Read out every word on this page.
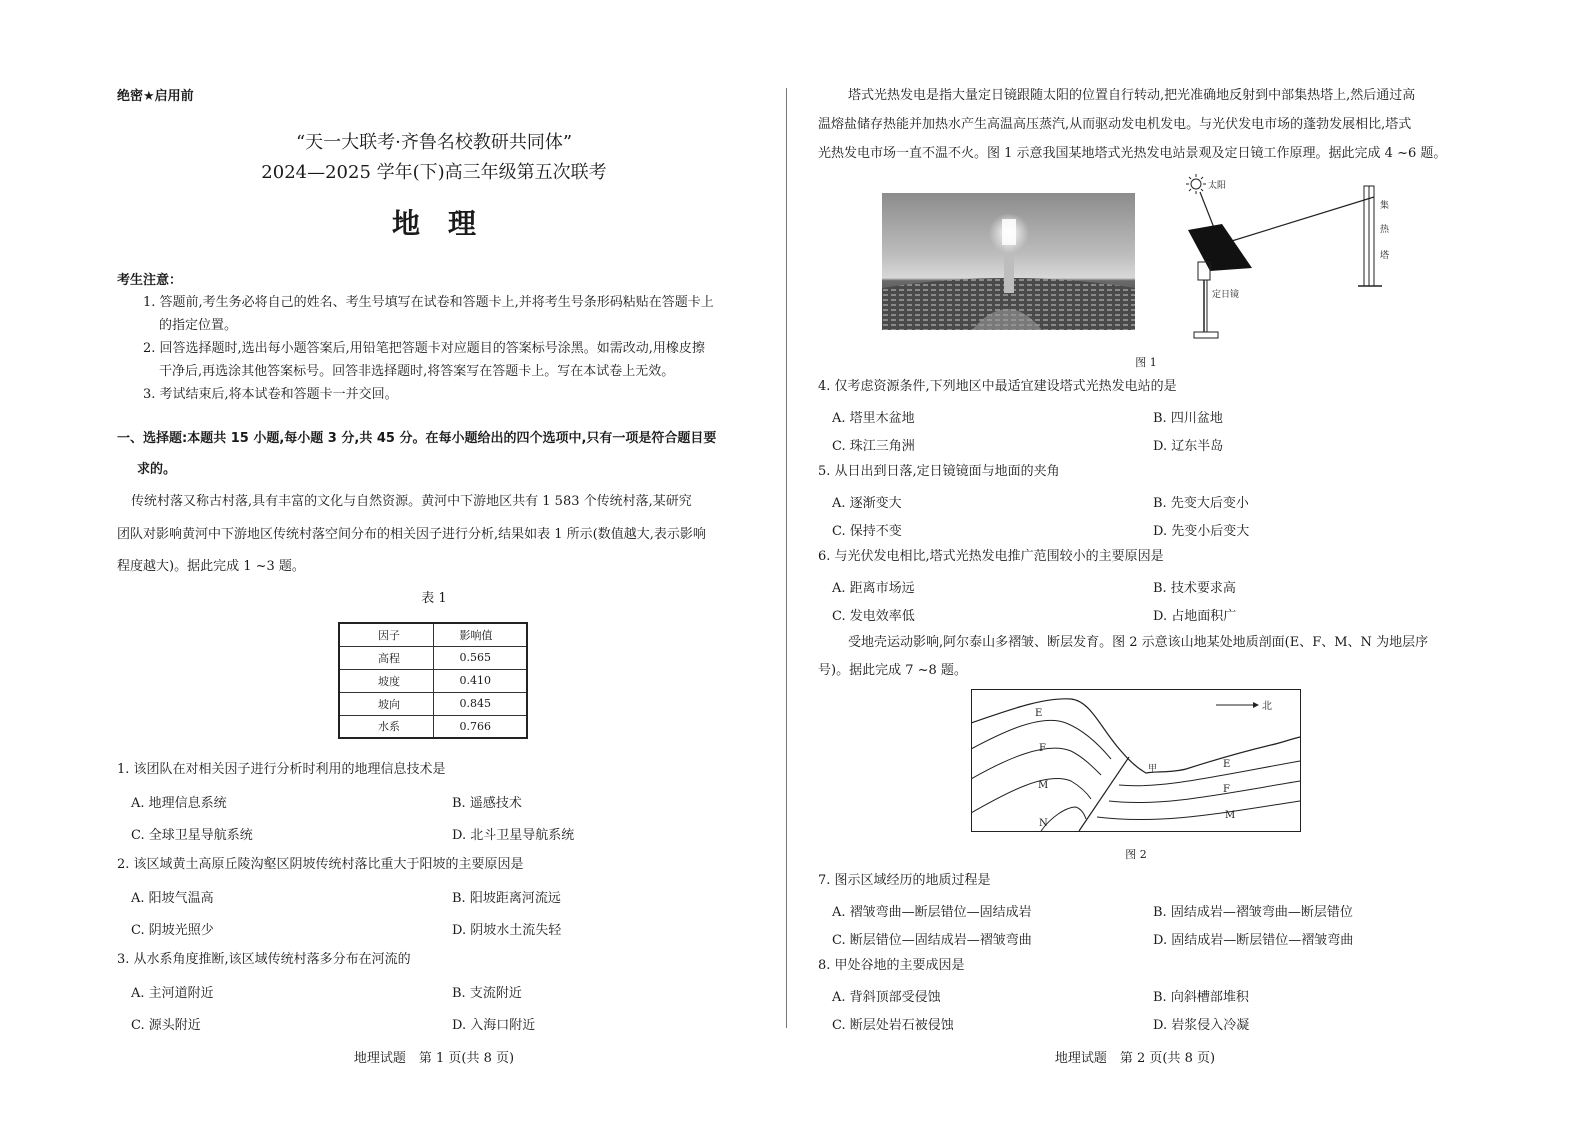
绝密★启用前
“天一大联考·齐鲁名校教研共同体”
2024—2025 学年(下)高三年级第五次联考
地　理
考生注意：
1. 答题前,考生务必将自己的姓名、考生号填写在试卷和答题卡上,并将考生号条形码粘贴在答题卡上
的指定位置。
2. 回答选择题时,选出每小题答案后,用铅笔把答题卡对应题目的答案标号涂黑。如需改动,用橡皮擦
干净后,再选涂其他答案标号。回答非选择题时,将答案写在答题卡上。写在本试卷上无效。
3. 考试结束后,将本试卷和答题卡一并交回。
一、选择题:本题共 15 小题,每小题 3 分,共 45 分。在每小题给出的四个选项中,只有一项是符合题目要
求的。
传统村落又称古村落,具有丰富的文化与自然资源。黄河中下游地区共有 1 583 个传统村落,某研究
团队对影响黄河中下游地区传统村落空间分布的相关因子进行分析,结果如表 1 所示(数值越大,表示影响
程度越大)。据此完成 1 ~3 题。
表 1
因子	影响值
高程	0.565
坡度	0.410
坡向	0.845
水系	0.766
1. 该团队在对相关因子进行分析时利用的地理信息技术是
A. 地理信息系统	B. 遥感技术
C. 全球卫星导航系统	D. 北斗卫星导航系统
2. 该区域黄土高原丘陵沟壑区阴坡传统村落比重大于阳坡的主要原因是
A. 阳坡气温高	B. 阳坡距离河流远
C. 阴坡光照少	D. 阴坡水土流失轻
3. 从水系角度推断,该区域传统村落多分布在河流的
A. 主河道附近	B. 支流附近
C. 源头附近	D. 入海口附近
地理试题　第 1 页(共 8 页)
塔式光热发电是指大量定日镜跟随太阳的位置自行转动,把光准确地反射到中部集热塔上,然后通过高
温熔盐储存热能并加热水产生高温高压蒸汽,从而驱动发电机发电。与光伏发电市场的蓬勃发展相比,塔式
光热发电市场一直不温不火。图 1 示意我国某地塔式光热发电站景观及定日镜工作原理。据此完成 4 ~6 题。
太阳
定日镜
集
热
塔
图 1
4. 仅考虑资源条件,下列地区中最适宜建设塔式光热发电站的是
A. 塔里木盆地	B. 四川盆地
C. 珠江三角洲	D. 辽东半岛
5. 从日出到日落,定日镜镜面与地面的夹角
A. 逐渐变大	B. 先变大后变小
C. 保持不变	D. 先变小后变大
6. 与光伏发电相比,塔式光热发电推广范围较小的主要原因是
A. 距离市场远	B. 技术要求高
C. 发电效率低	D. 占地面积广
受地壳运动影响,阿尔泰山多褶皱、断层发育。图 2 示意该山地某处地质剖面(E、F、M、N 为地层序
号)。据此完成 7 ~8 题。
北
E
F
M
N
甲	E
F
M
图 2
7. 图示区域经历的地质过程是
A. 褶皱弯曲—断层错位—固结成岩	B. 固结成岩—褶皱弯曲—断层错位
C. 断层错位—固结成岩—褶皱弯曲	D. 固结成岩—断层错位—褶皱弯曲
8. 甲处谷地的主要成因是
A. 背斜顶部受侵蚀	B. 向斜槽部堆积
C. 断层处岩石被侵蚀	D. 岩浆侵入冷凝
地理试题　第 2 页(共 8 页)
